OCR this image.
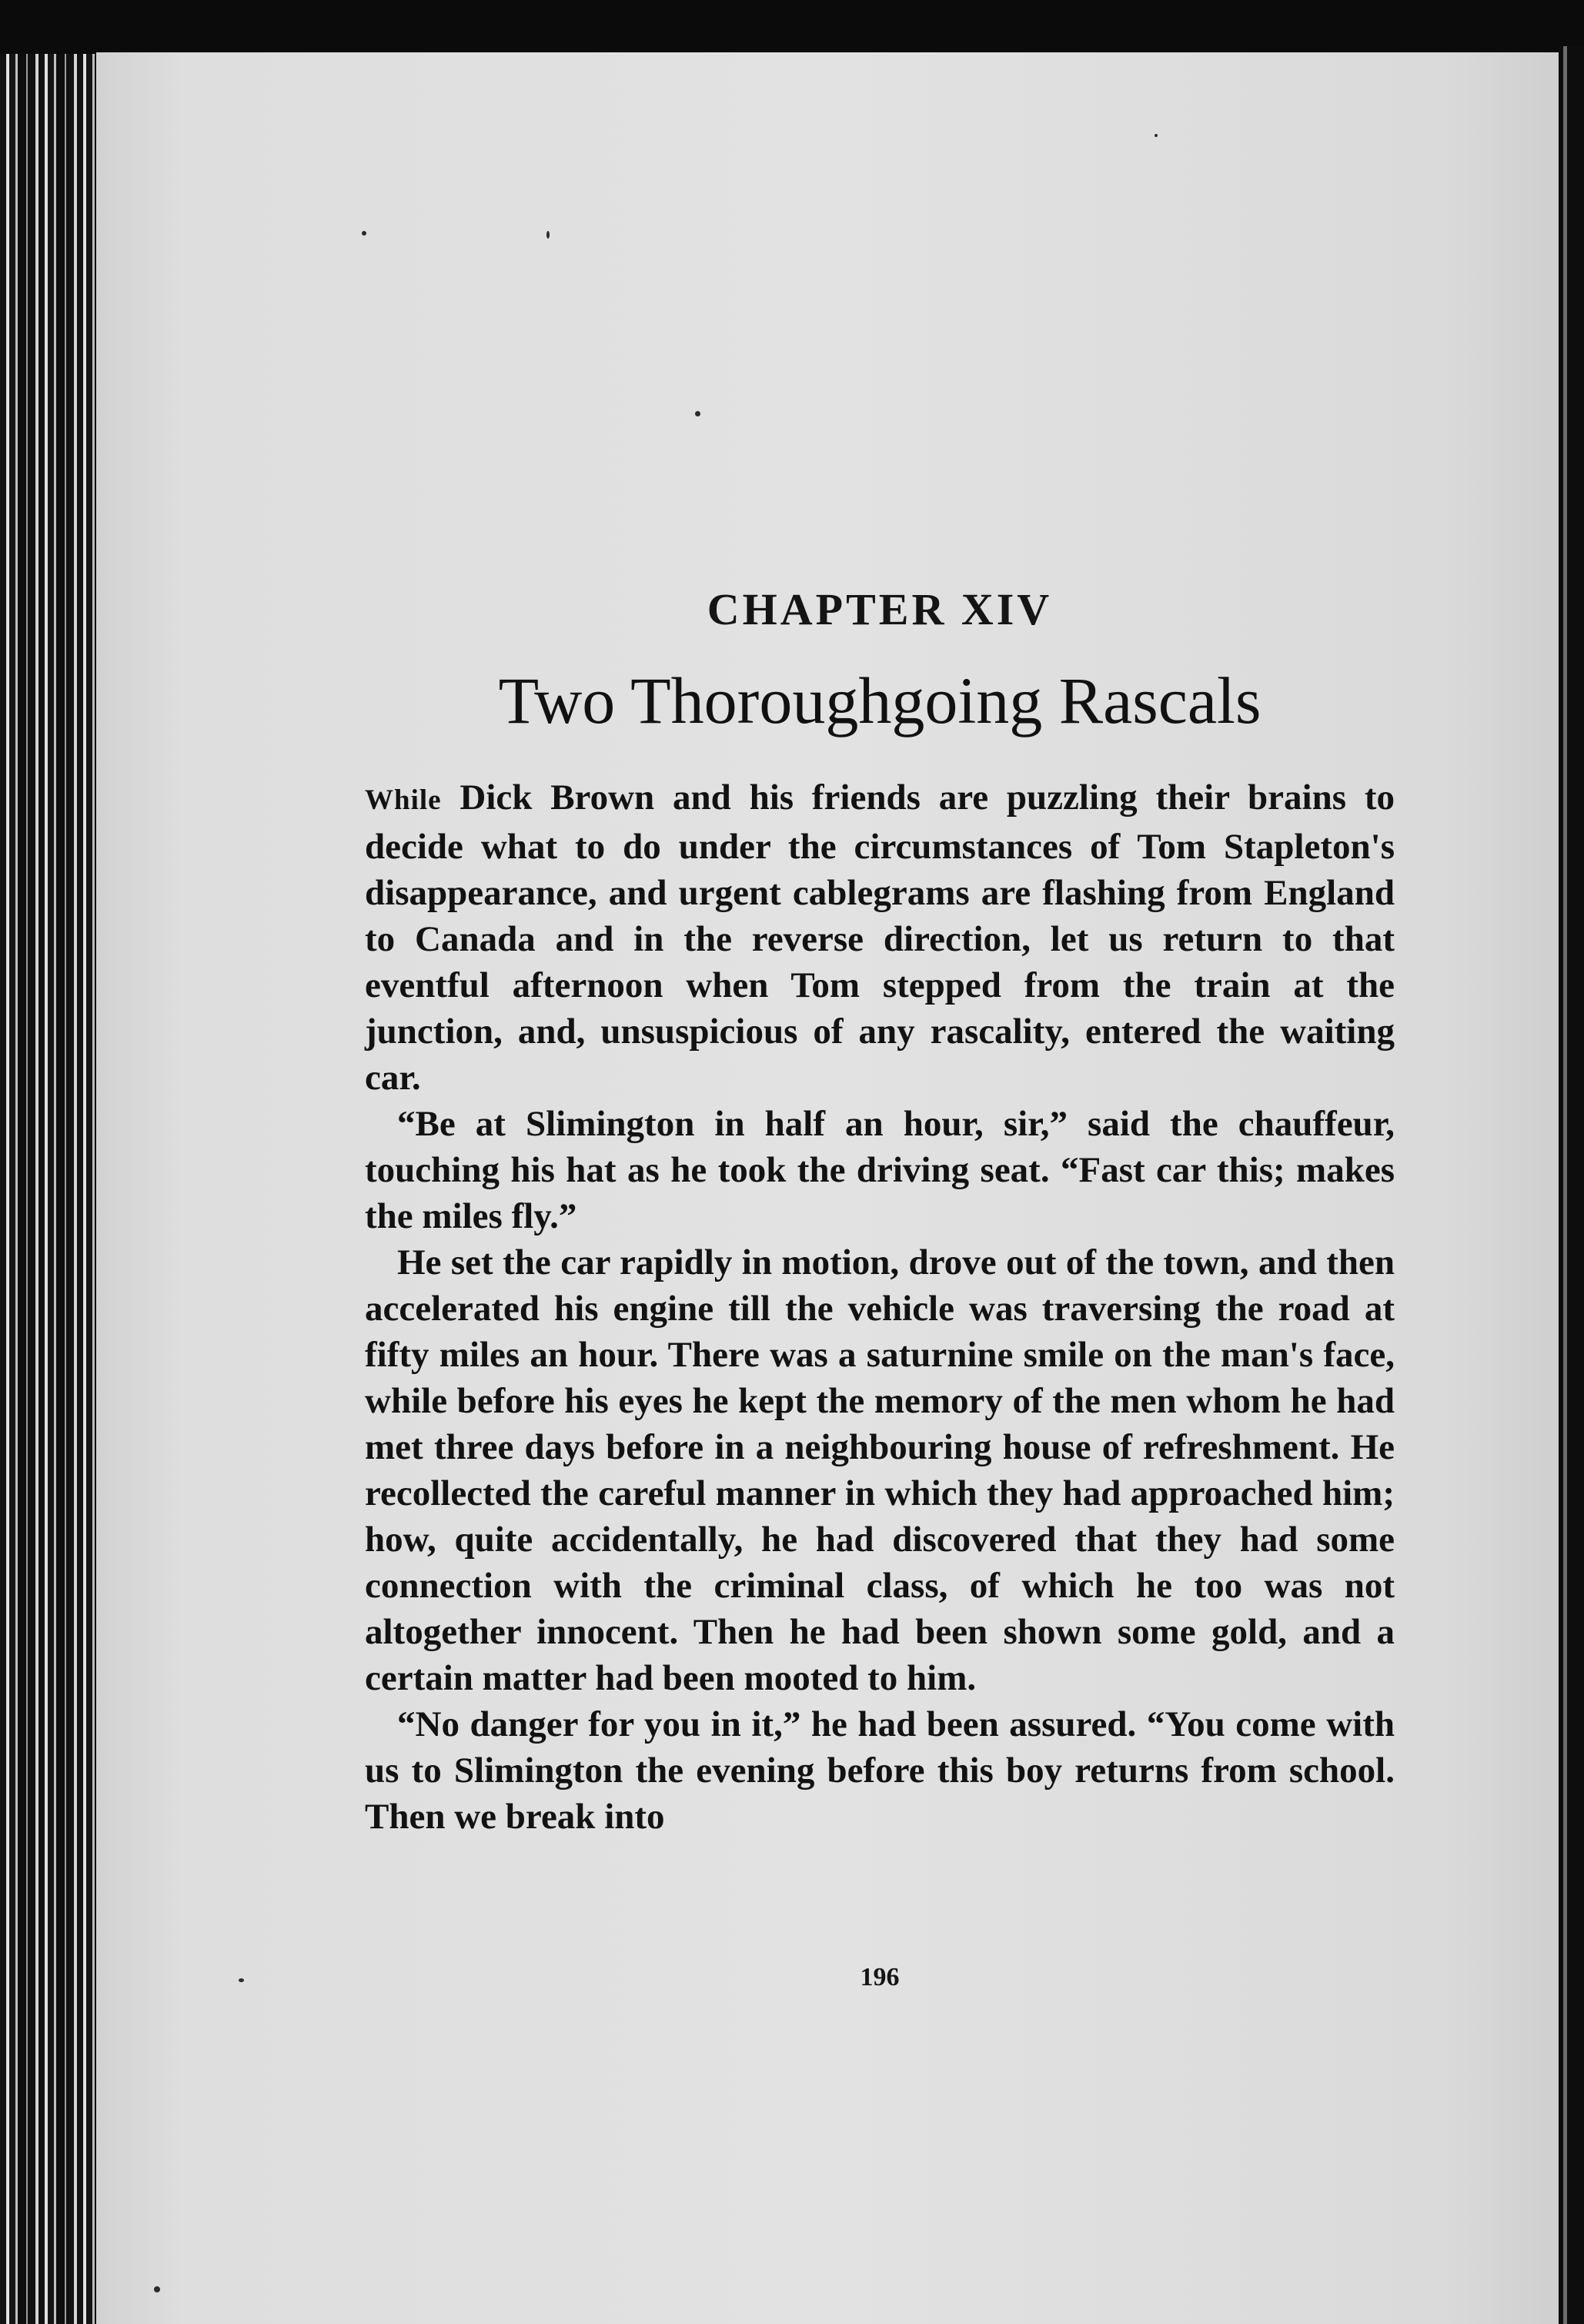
CHAPTER XIV
Two Thoroughgoing Rascals

While Dick Brown and his friends are puzzling their brains to decide what to do under the circumstances of Tom Stapleton's disappearance, and urgent cablegrams are flashing from England to Canada and in the reverse direction, let us return to that eventful afternoon when Tom stepped from the train at the junction, and, unsuspicious of any rascality, entered the waiting car.

“Be at Slimington in half an hour, sir,” said the chauffeur, touching his hat as he took the driving seat. “Fast car this; makes the miles fly.”

He set the car rapidly in motion, drove out of the town, and then accelerated his engine till the vehicle was traversing the road at fifty miles an hour. There was a saturnine smile on the man's face, while before his eyes he kept the memory of the men whom he had met three days before in a neighbouring house of refreshment. He recollected the careful manner in which they had approached him; how, quite accidentally, he had discovered that they had some connection with the criminal class, of which he too was not altogether innocent. Then he had been shown some gold, and a certain matter had been mooted to him.

“No danger for you in it,” he had been assured. “You come with us to Slimington the evening before this boy returns from school. Then we break into

196
